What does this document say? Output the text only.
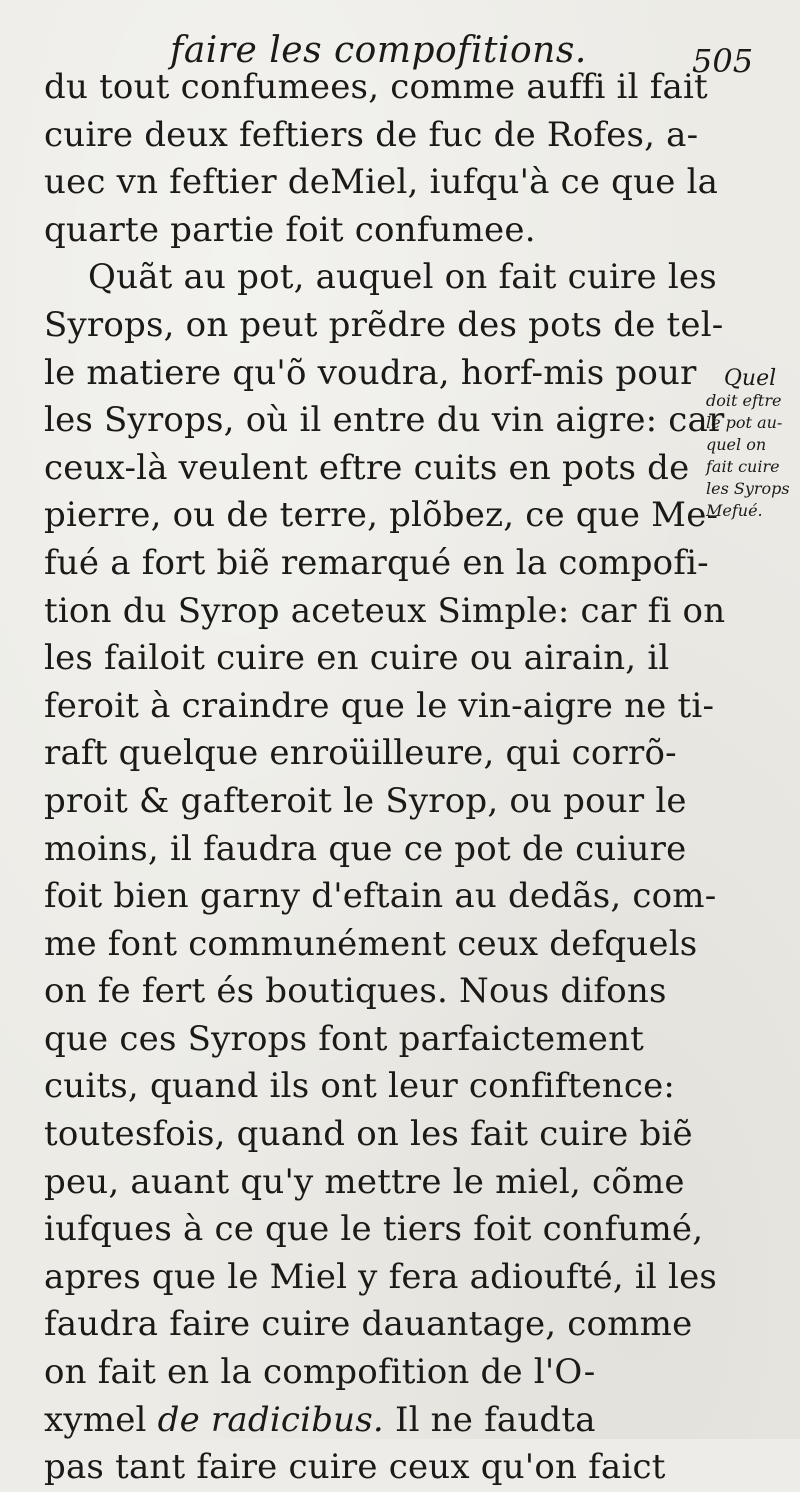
faire les compofitions.	505
du tout confumees, comme auffi il fait
cuire deux feftiers de fuc de Rofes, a-
uec vn feftier deMiel, iufqu'à ce que la
quarte partie foit confumee.
Quãt au pot, auquel on fait cuire les
Syrops, on peut prẽdre des pots de tel-
le matiere qu'õ voudra, horf-mis pour
les Syrops, où il entre du vin aigre: car
ceux-là veulent eftre cuits en pots de
pierre, ou de terre, plõbez, ce que Me-
fué a fort biẽ remarqué en la compofi-
tion du Syrop aceteux Simple: car fi on
les failoit cuire en cuire ou airain, il
feroit à craindre que le vin-aigre ne ti-
raft quelque enroüilleure, qui corrõ-
proit & gafteroit le Syrop, ou pour le
moins, il faudra que ce pot de cuiure
foit bien garny d'eftain au dedãs, com-
me font communément ceux defquels
on fe fert és boutiques. Nous difons
que ces Syrops font parfaictement
cuits, quand ils ont leur confiftence:
toutesfois, quand on les fait cuire biẽ
peu, auant qu'y mettre le miel, cõme
iufques à ce que le tiers foit confumé,
apres que le Miel y fera adioufté, il les
faudra faire cuire dauantage, comme
on fait en la compofition de l'O-
xymel de radicibus. Il ne faudta
pas tant faire cuire ceux qu'on faict
Quel
doit eftre
le pot au-
quel on
fait cuire
les Syrops
Mefué.
